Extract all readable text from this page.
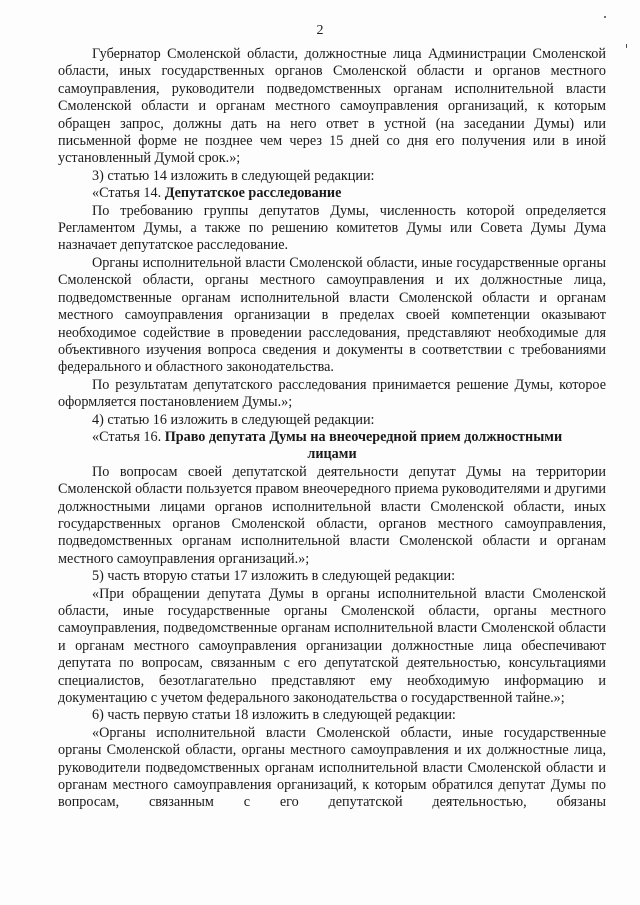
2

Губернатор Смоленской области, должностные лица Администрации Смоленской области, иных государственных органов Смоленской области и органов местного самоуправления, руководители подведомственных органам исполнительной власти Смоленской области и органам местного самоуправления организаций, к которым обращен запрос, должны дать на него ответ в устной (на заседании Думы) или письменной форме не позднее чем через 15 дней со дня его получения или в иной установленный Думой срок.»;

3) статью 14 изложить в следующей редакции:

«Статья 14. Депутатское расследование

По требованию группы депутатов Думы, численность которой определяется Регламентом Думы, а также по решению комитетов Думы или Совета Думы Дума назначает депутатское расследование.

Органы исполнительной власти Смоленской области, иные государственные органы Смоленской области, органы местного самоуправления и их должностные лица, подведомственные органам исполнительной власти Смоленской области и органам местного самоуправления организации в пределах своей компетенции оказывают необходимое содействие в проведении расследования, представляют необходимые для объективного изучения вопроса сведения и документы в соответствии с требованиями федерального и областного законодательства.

По результатам депутатского расследования принимается решение Думы, которое оформляется постановлением Думы.»;

4) статью 16 изложить в следующей редакции:

«Статья 16. Право депутата Думы на внеочередной прием должностными

лицами

По вопросам своей депутатской деятельности депутат Думы на территории Смоленской области пользуется правом внеочередного приема руководителями и другими должностными лицами органов исполнительной власти Смоленской области, иных государственных органов Смоленской области, органов местного самоуправления, подведомственных органам исполнительной власти Смоленской области и органам местного самоуправления организаций.»;

5) часть вторую статьи 17 изложить в следующей редакции:

«При обращении депутата Думы в органы исполнительной власти Смоленской области, иные государственные органы Смоленской области, органы местного самоуправления, подведомственные органам исполнительной власти Смоленской области и органам местного самоуправления организации должностные лица обеспечивают депутата по вопросам, связанным с его депутатской деятельностью, консультациями специалистов, безотлагательно представляют ему необходимую информацию и документацию с учетом федерального законодательства о государственной тайне.»;

6) часть первую статьи 18 изложить в следующей редакции:

«Органы исполнительной власти Смоленской области, иные государственные органы Смоленской области, органы местного самоуправления и их должностные лица, руководители подведомственных органам исполнительной власти Смоленской области и органам местного самоуправления организаций, к которым обратился депутат Думы по вопросам, связанным с его депутатской деятельностью, обязаны
